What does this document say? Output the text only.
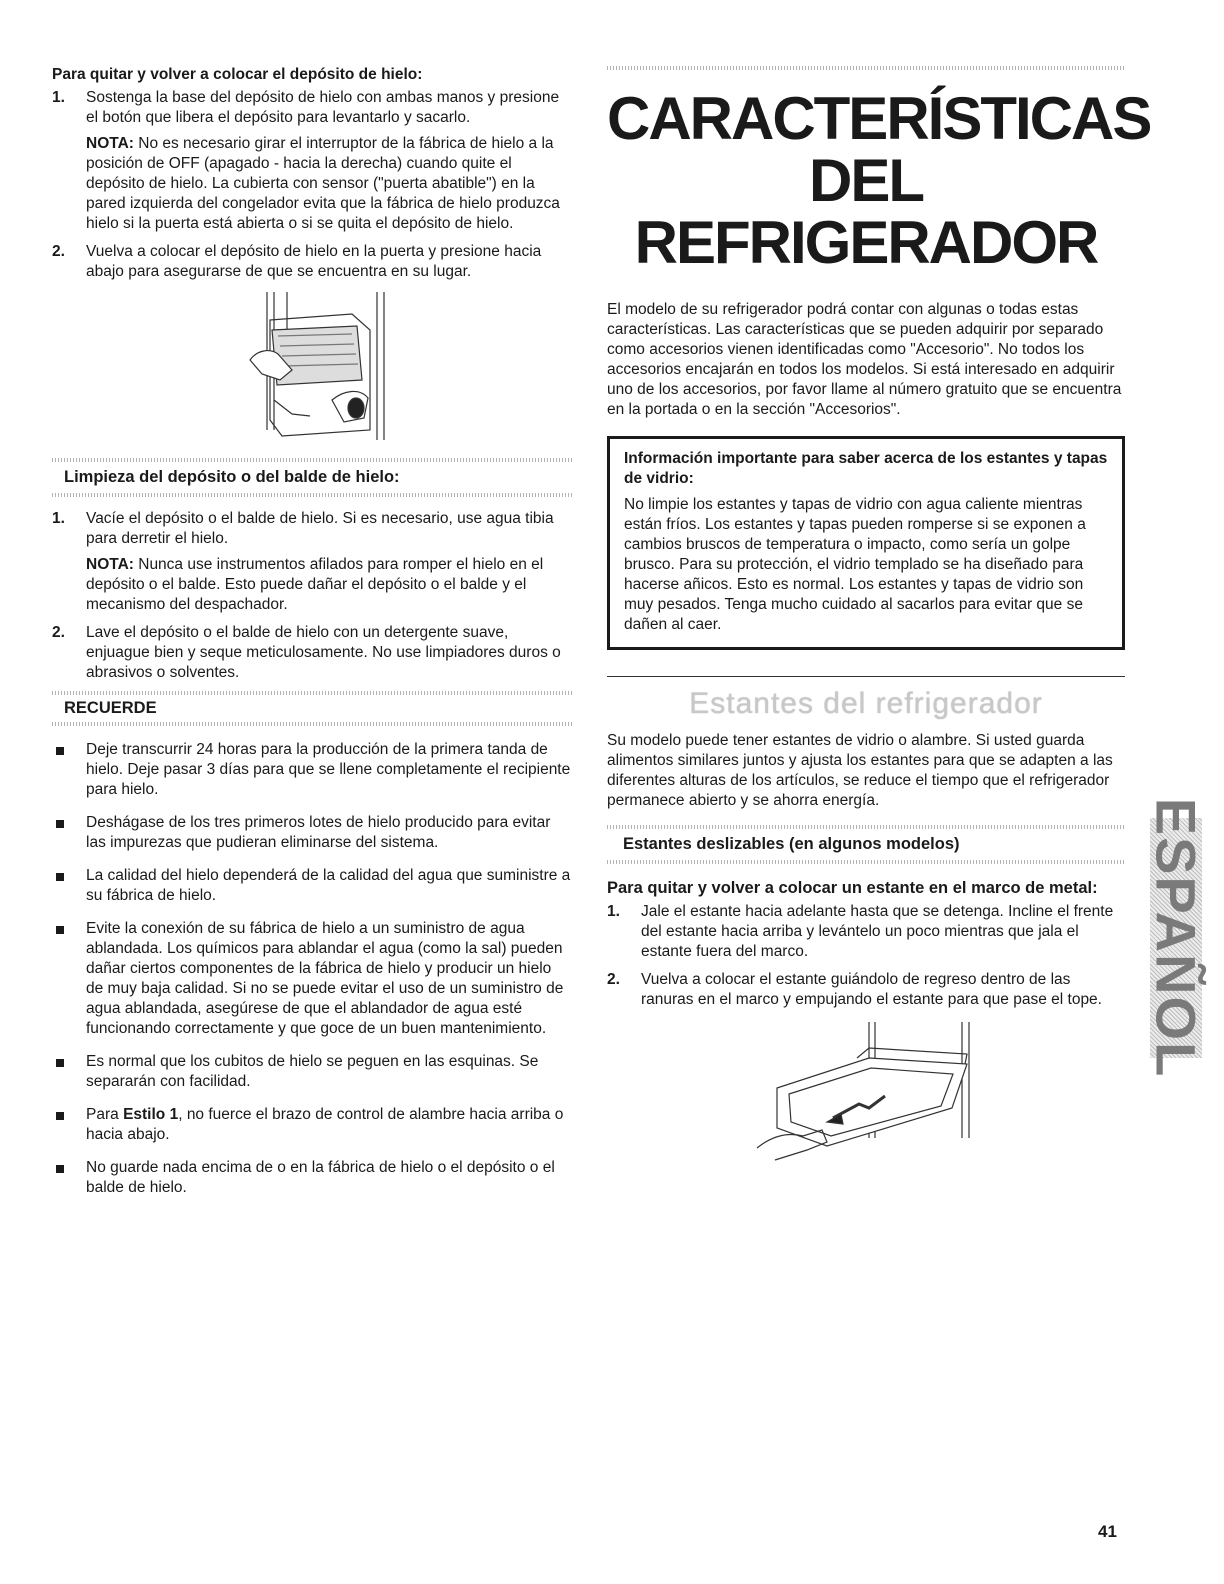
Para quitar y volver a colocar el depósito de hielo:
1. Sostenga la base del depósito de hielo con ambas manos y presione el botón que libera el depósito para levantarlo y sacarlo.
NOTA: No es necesario girar el interruptor de la fábrica de hielo a la posición de OFF (apagado - hacia la derecha) cuando quite el depósito de hielo. La cubierta con sensor ("puerta abatible") en la pared izquierda del congelador evita que la fábrica de hielo produzca hielo si la puerta está abierta o si se quita el depósito de hielo.
2. Vuelva a colocar el depósito de hielo en la puerta y presione hacia abajo para asegurarse de que se encuentra en su lugar.
Limpieza del depósito o del balde de hielo:
1. Vacíe el depósito o el balde de hielo. Si es necesario, use agua tibia para derretir el hielo.
NOTA: Nunca use instrumentos afilados para romper el hielo en el depósito o el balde. Esto puede dañar el depósito o el balde y el mecanismo del despachador.
2. Lave el depósito o el balde de hielo con un detergente suave, enjuague bien y seque meticulosamente. No use limpiadores duros o abrasivos o solventes.
RECUERDE
Deje transcurrir 24 horas para la producción de la primera tanda de hielo. Deje pasar 3 días para que se llene completamente el recipiente para hielo.
Deshágase de los tres primeros lotes de hielo producido para evitar las impurezas que pudieran eliminarse del sistema.
La calidad del hielo dependerá de la calidad del agua que suministre a su fábrica de hielo.
Evite la conexión de su fábrica de hielo a un suministro de agua ablandada. Los químicos para ablandar el agua (como la sal) pueden dañar ciertos componentes de la fábrica de hielo y producir un hielo de muy baja calidad. Si no se puede evitar el uso de un suministro de agua ablandada, asegúrese de que el ablandador de agua esté funcionando correctamente y que goce de un buen mantenimiento.
Es normal que los cubitos de hielo se peguen en las esquinas. Se separarán con facilidad.
Para Estilo 1, no fuerce el brazo de control de alambre hacia arriba o hacia abajo.
No guarde nada encima de o en la fábrica de hielo o el depósito o el balde de hielo.
CARACTERÍSTICAS DEL
REFRIGERADOR
El modelo de su refrigerador podrá contar con algunas o todas estas características. Las características que se pueden adquirir por separado como accesorios vienen identificadas como "Accesorio". No todos los accesorios encajarán en todos los modelos. Si está interesado en adquirir uno de los accesorios, por favor llame al número gratuito que se encuentra en la portada o en la sección "Accesorios".
Información importante para saber acerca de los estantes y tapas de vidrio:
No limpie los estantes y tapas de vidrio con agua caliente mientras están fríos. Los estantes y tapas pueden romperse si se exponen a cambios bruscos de temperatura o impacto, como sería un golpe brusco. Para su protección, el vidrio templado se ha diseñado para hacerse añicos. Esto es normal. Los estantes y tapas de vidrio son muy pesados. Tenga mucho cuidado al sacarlos para evitar que se dañen al caer.
Estantes del refrigerador
Su modelo puede tener estantes de vidrio o alambre. Si usted guarda alimentos similares juntos y ajusta los estantes para que se adapten a las diferentes alturas de los artículos, se reduce el tiempo que el refrigerador permanece abierto y se ahorra energía.
Estantes deslizables (en algunos modelos)
Para quitar y volver a colocar un estante en el marco de metal:
1. Jale el estante hacia adelante hasta que se detenga. Incline el frente del estante hacia arriba y levántelo un poco mientras que jala el estante fuera del marco.
2. Vuelva a colocar el estante guiándolo de regreso dentro de las ranuras en el marco y empujando el estante para que pase el tope. ESPAÑOL
41
